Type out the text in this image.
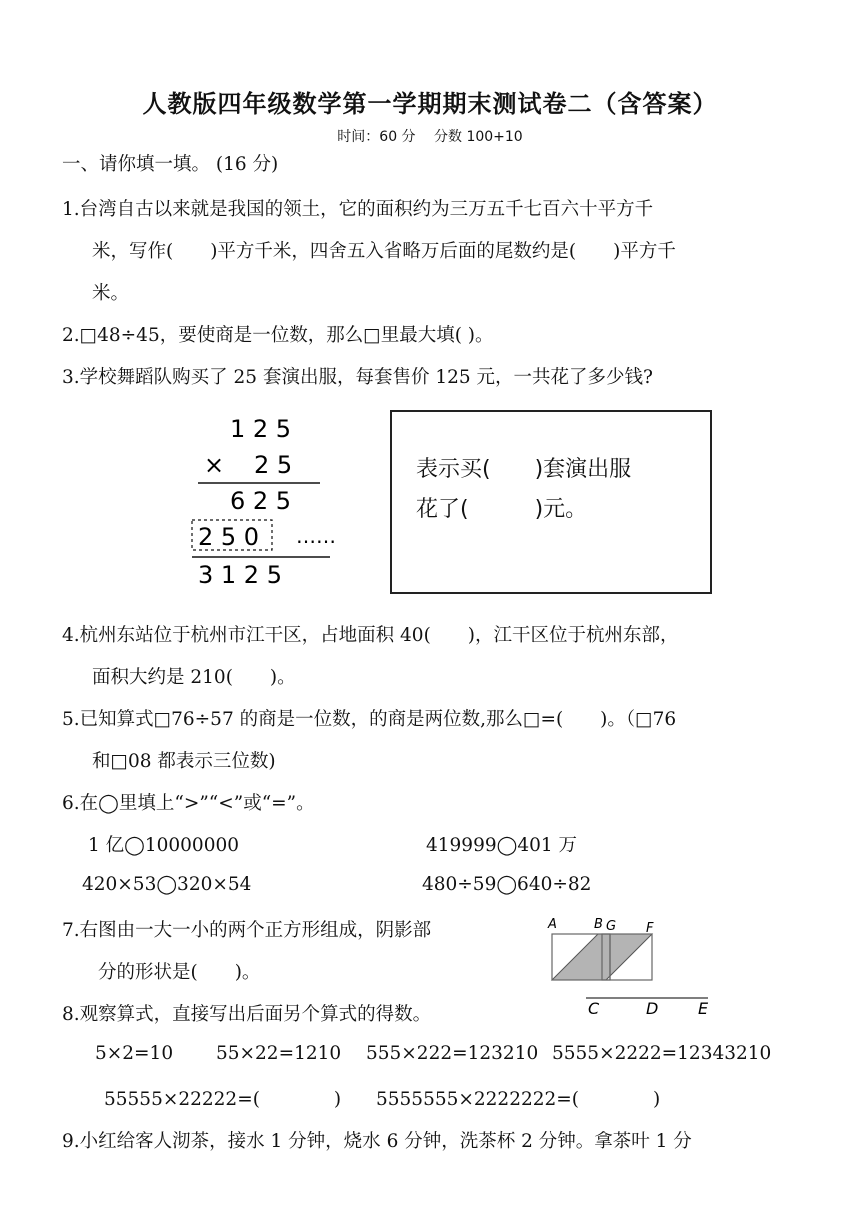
人教版四年级数学第一学期期末测试卷二（含答案）
时间：60 分　 分数 100+10
一、请你填一填。 (16 分)
1.台湾自古以来就是我国的领土，它的面积约为三万五千七百六十平方千
米，写作(　　)平方千米，四舍五入省略万后面的尾数约是(　　)平方千
米。
2.□48÷45，要使商是一位数，那么□里最大填( )。
3.学校舞蹈队购买了 25 套演出服，每套售价 125 元，一共花了多少钱?
1 2 5
× 2 5
6 2 5
2 5 0 ……
3 1 2 5
表示买(　　)套演出服
花了(　　　)元。
4.杭州东站位于杭州市江干区，占地面积 40(　　)，江干区位于杭州东部，
面积大约是 210(　　)。
5.已知算式□76÷57 的商是一位数，的商是两位数,那么□=(　　)。（□76
和□08 都表示三位数)
6.在◯里填上“>”“<”或“=”。
1 亿◯10000000	419999◯401 万
420×53◯320×54	480÷59◯640÷82
7.右图由一大一小的两个正方形组成，阴影部
分的形状是(　　)。
A	B G F
C	D E
8.观察算式，直接写出后面另个算式的得数。
5×2=10 55×22=1210 555×222=123210 5555×2222=12343210
55555×22222=(　　　　) 5555555×2222222=(　　　　)
9.小红给客人沏茶，接水 1 分钟，烧水 6 分钟，洗茶杯 2 分钟。拿茶叶 1 分
